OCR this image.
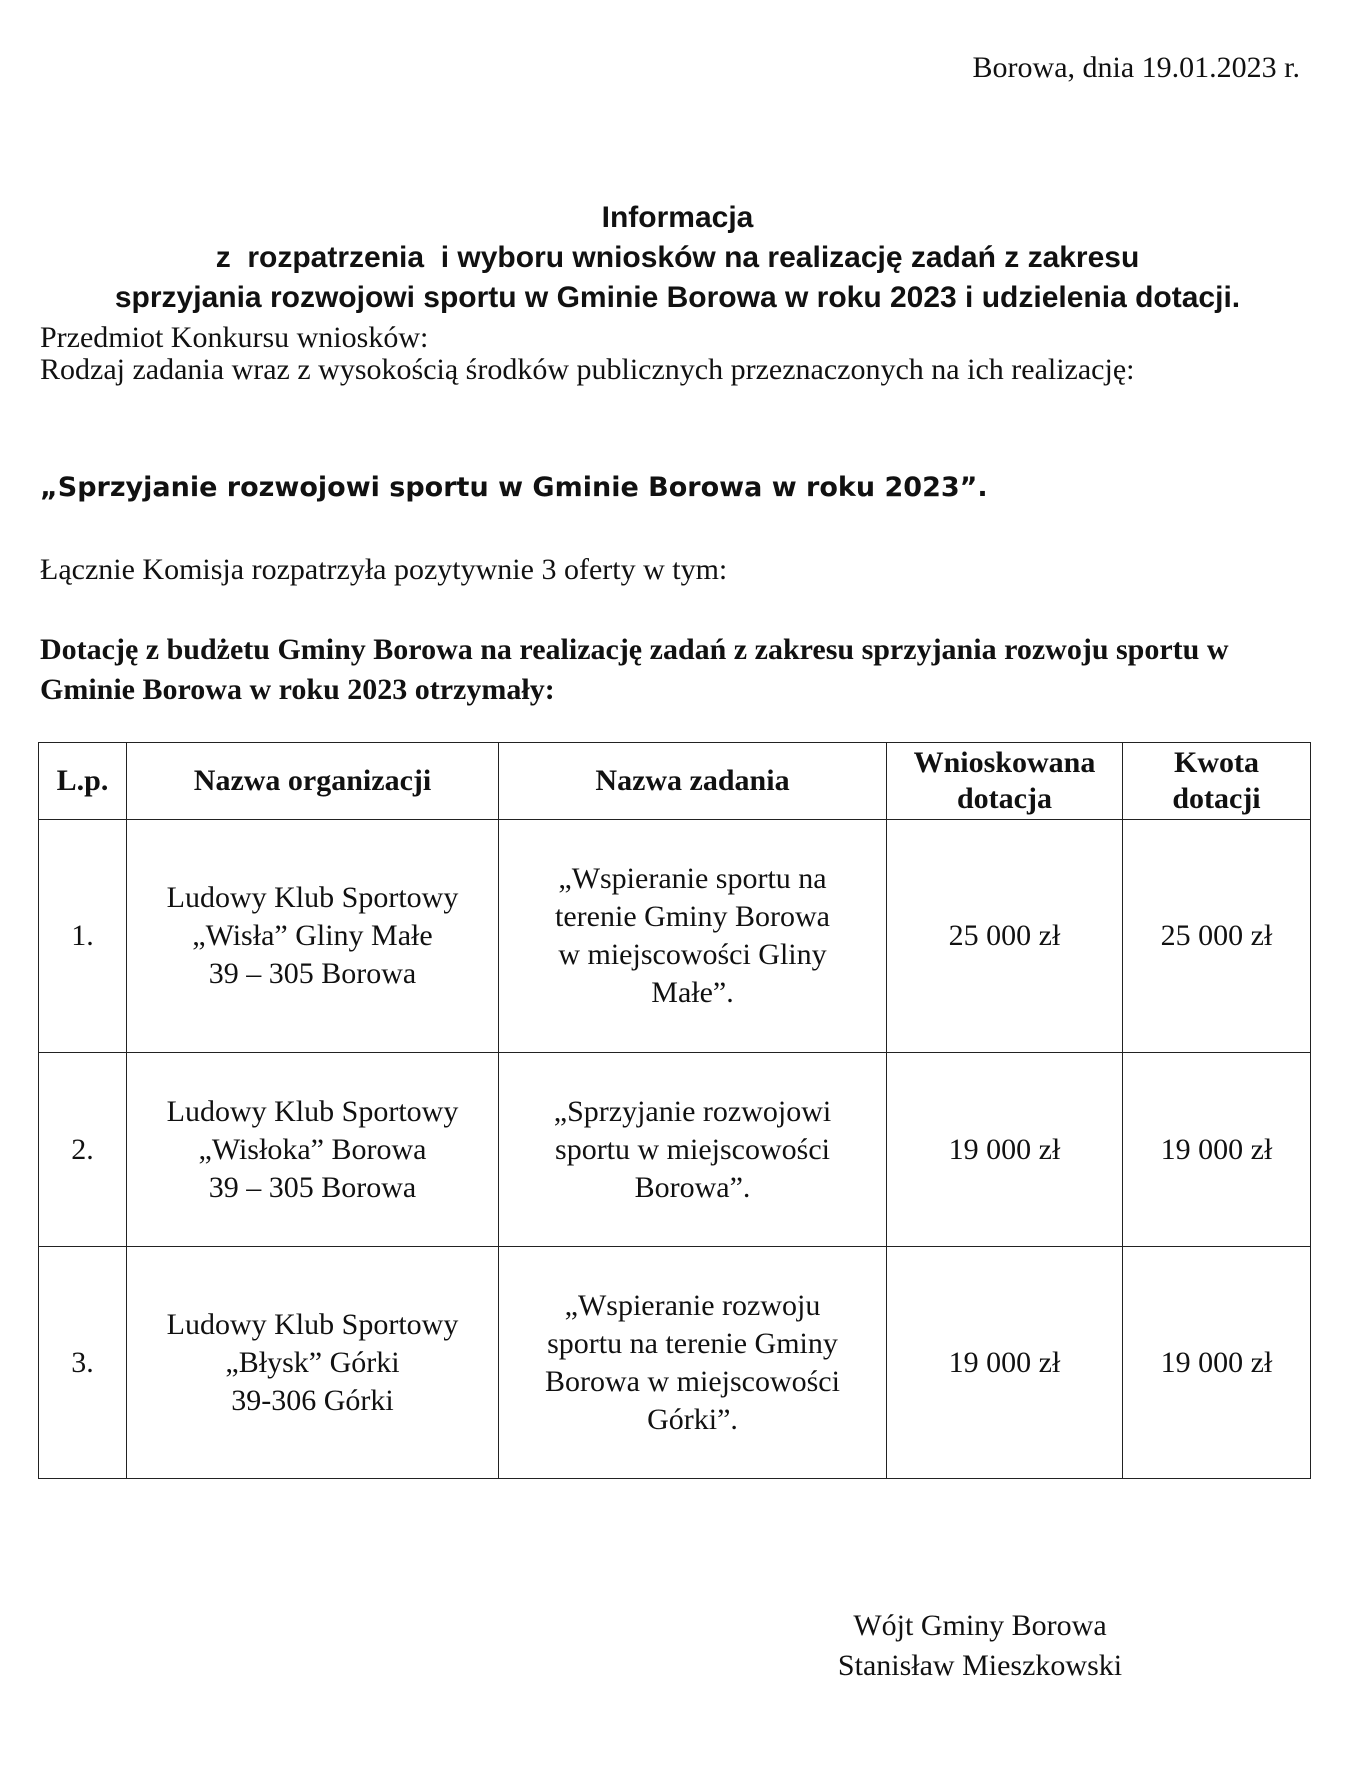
Borowa, dnia 19.01.2023 r.
Informacja
z  rozpatrzenia  i wyboru wniosków na realizację zadań z zakresu
sprzyjania rozwojowi sportu w Gminie Borowa w roku 2023 i udzielenia dotacji.
Przedmiot Konkursu wniosków:
Rodzaj zadania wraz z wysokością środków publicznych przeznaczonych na ich realizację:
„Sprzyjanie rozwojowi sportu w Gminie Borowa w roku 2023”.
Łącznie Komisja rozpatrzyła pozytywnie 3 oferty w tym:
Dotację z budżetu Gminy Borowa na realizację zadań z zakresu sprzyjania rozwoju sportu w Gminie Borowa w roku 2023 otrzymały:
L.p.	Nazwa organizacji	Nazwa zadania	Wnioskowana
dotacja	Kwota
dotacji

1.	Ludowy Klub Sportowy
„Wisła” Gliny Małe
39 – 305 Borowa	„Wspieranie sportu na
terenie Gminy Borowa
w miejscowości Gliny
Małe”.	25 000 zł	25 000 zł
2.	Ludowy Klub Sportowy
„Wisłoka” Borowa
39 – 305 Borowa	„Sprzyjanie rozwojowi
sportu w miejscowości
Borowa”.	19 000 zł	19 000 zł
3.	Ludowy Klub Sportowy
„Błysk” Górki
39-306 Górki	„Wspieranie rozwoju
sportu na terenie Gminy
Borowa w miejscowości
Górki”.	19 000 zł	19 000 zł
Wójt Gminy Borowa
Stanisław Mieszkowski
